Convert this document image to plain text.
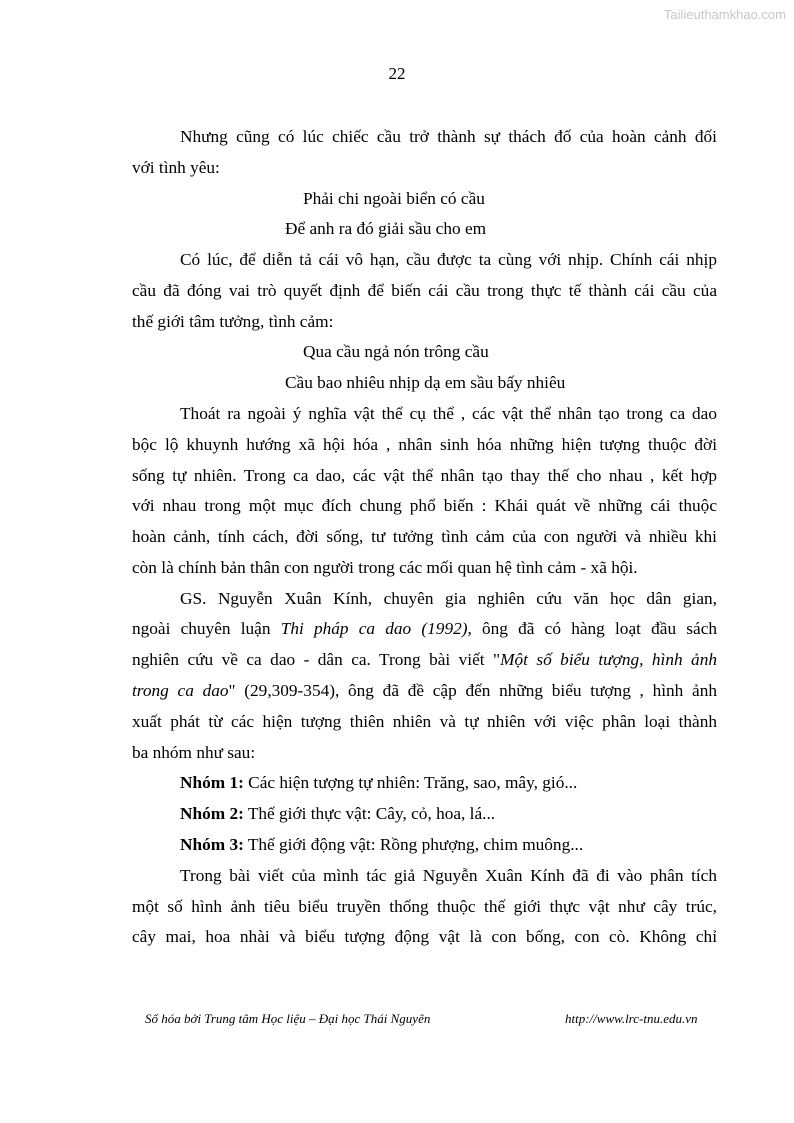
Tailieuthamkhao.com
22
Nhưng cũng có lúc chiếc cầu trở thành sự thách đố của hoàn cảnh đối
với tình yêu:
Phải chi ngoài biển có cầu
Để anh ra đó giải sầu cho em
Có lúc, để diễn tả cái vô hạn, cầu được ta cùng với nhịp. Chính cái nhịp
cầu đã đóng vai trò quyết định để biến cái cầu trong thực tế thành cái cầu của
thế giới tâm tưởng, tình cảm:
Qua cầu ngả nón trông cầu
Cầu bao nhiêu nhịp dạ em sầu bấy nhiêu
Thoát ra ngoài ý nghĩa vật thể cụ thể , các vật thể nhân tạo trong ca dao
bộc lộ khuynh hướng xã hội hóa , nhân sinh hóa những hiện tượng thuộc đời
sống tự nhiên. Trong ca dao, các vật thể nhân tạo thay thế cho nhau , kết hợp
với nhau trong một mục đích chung phổ biến : Khái quát về những cái thuộc
hoàn cảnh, tính cách, đời sống, tư tưởng tình cảm của con người và nhiều khi
còn là chính bản thân con người trong các mối quan hệ tình cảm - xã hội.
GS. Nguyễn Xuân Kính, chuyên gia nghiên cứu văn học dân gian,
ngoài chuyên luận Thi pháp ca dao (1992), ông đã có hàng loạt đầu sách
nghiên cứu về ca dao - dân ca. Trong bài viết "Một số biểu tượng, hình ảnh
trong ca dao" (29,309-354), ông đã đề cập đến những biểu tượng , hình ảnh
xuất phát từ các hiện tượng thiên nhiên và tự nhiên với việc phân loại thành
ba nhóm như sau:
Nhóm 1: Các hiện tượng tự nhiên: Trăng, sao, mây, gió...
Nhóm 2: Thế giới thực vật: Cây, cỏ, hoa, lá...
Nhóm 3: Thế giới động vật: Rồng phượng, chim muông...
Trong bài viết của mình tác giả Nguyễn Xuân Kính đã đi vào phân tích
một số hình ảnh tiêu biểu truyền thống thuộc thế giới thực vật như cây trúc,
cây mai, hoa nhài và biểu tượng động vật là con bống, con cò. Không chỉ
Số hóa bởi Trung tâm Học liệu – Đại học Thái Nguyên	http://www.lrc-tnu.edu.vn
